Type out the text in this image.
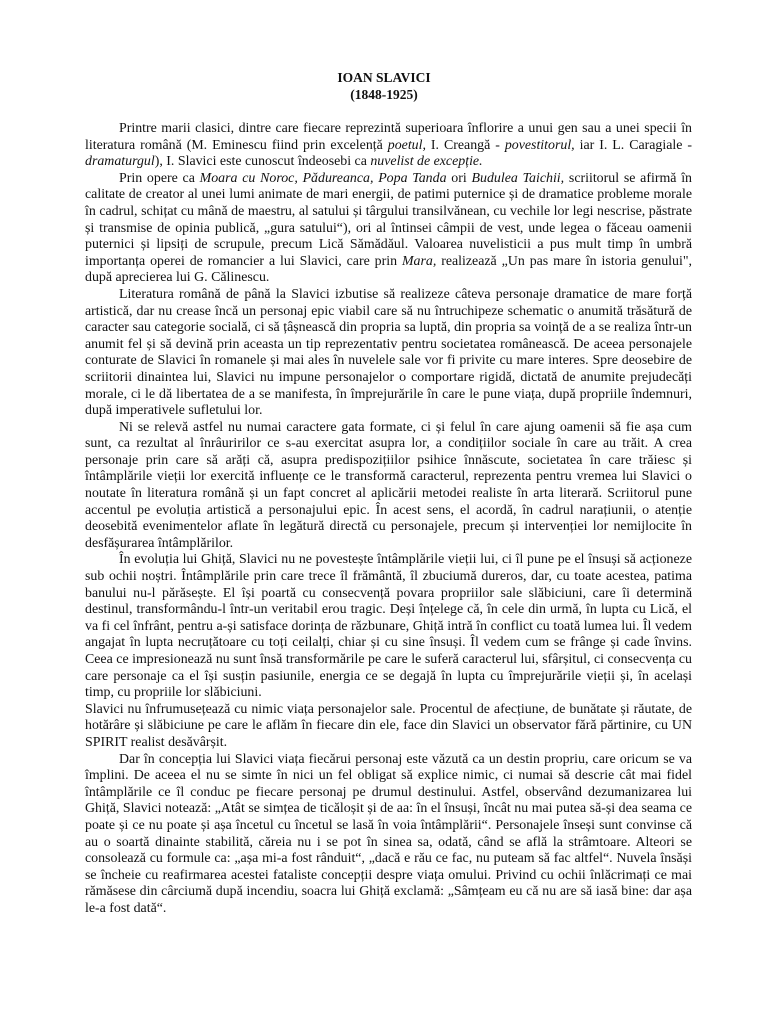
IOAN SLAVICI

(1848-1925)

Printre marii clasici, dintre care fiecare reprezintă superioara înflorire a unui gen sau a unei specii în literatura română (M. Eminescu fiind prin excelență poetul, I. Creangă - povestitorul, iar I. L. Caragiale - dramaturgul), I. Slavici este cunoscut îndeosebi ca nuvelist de excepție.

Prin opere ca Moara cu Noroc, Pădureanca, Popa Tanda ori Budulea Taichii, scriitorul se afirmă în calitate de creator al unei lumi animate de mari energii, de patimi puternice și de dramatice probleme morale în cadrul, schițat cu mână de maestru, al satului și târgului transilvănean, cu vechile lor legi nescrise, păstrate și transmise de opinia publică, „gura satului“), ori al întinsei câmpii de vest, unde legea o făceau oamenii puternici și lipsiți de scrupule, precum Lică Sămădăul. Valoarea nuvelisticii a pus mult timp în umbră importanța operei de romancier a lui Slavici, care prin Mara, realizează „Un pas mare în istoria genului", după aprecierea lui G. Călinescu.

Literatura română de până la Slavici izbutise să realizeze câteva personaje dramatice de mare forță artistică, dar nu crease încă un personaj epic viabil care să nu întruchipeze schematic o anumită trăsătură de caracter sau categorie socială, ci să țâșnească din propria sa luptă, din propria sa voință de a se realiza într-un anumit fel și să devină prin aceasta un tip reprezentativ pentru societatea românească. De aceea personajele conturate de Slavici în romanele și mai ales în nuvelele sale vor fi privite cu mare interes. Spre deosebire de scriitorii dinaintea lui, Slavici nu impune personajelor o comportare rigidă, dictată de anumite prejudecăți morale, ci le dă libertatea de a se manifesta, în împrejurările în care le pune viața, după propriile îndemnuri, după imperativele sufletului lor.

Ni se relevă astfel nu numai caractere gata formate, ci și felul în care ajung oamenii să fie așa cum sunt, ca rezultat al înrâuririlor ce s-au exercitat asupra lor, a condițiilor sociale în care au trăit. A crea personaje prin care să arăți că, asupra predispozițiilor psihice înnăscute, societatea în care trăiesc și întâmplările vieții lor exercită influențe ce le transformă caracterul, reprezenta pentru vremea lui Slavici o noutate în literatura română și un fapt concret al aplicării metodei realiste în arta literară. Scriitorul pune accentul pe evoluția artistică a personajului epic. În acest sens, el acordă, în cadrul narațiunii, o atenție deosebită evenimentelor aflate în legătură directă cu personajele, precum și intervenției lor nemijlocite în desfășurarea întâmplărilor.

În evoluția lui Ghiță, Slavici nu ne povestește întâmplările vieții lui, ci îl pune pe el însuși să acționeze sub ochii noștri. Întâmplările prin care trece îl frământă, îl zbuciumă dureros, dar, cu toate acestea, patima banului nu-l părăsește. El își poartă cu consecvență povara propriilor sale slăbiciuni, care îi determină destinul, transformându-l într-un veritabil erou tragic. Deși înțelege că, în cele din urmă, în lupta cu Lică, el va fi cel înfrânt, pentru a-și satisface dorința de răzbunare, Ghiță intră în conflict cu toată lumea lui. Îl vedem angajat în lupta necruțătoare cu toți ceilalți, chiar și cu sine însuși. Îl vedem cum se frânge și cade învins. Ceea ce impresionează nu sunt însă transformările pe care le suferă caracterul lui, sfârșitul, ci consecvența cu care personaje ca el își susțin pasiunile, energia ce se degajă în lupta cu împrejurările vieții și, în același timp, cu propriile lor slăbiciuni.

Slavici nu înfrumusețează cu nimic viața personajelor sale. Procentul de afecțiune, de bunătate și răutate, de hotărâre și slăbiciune pe care le aflăm în fiecare din ele, face din Slavici un observator fără părtinire, cu UN SPIRIT realist desăvârșit.

Dar în concepția lui Slavici viața fiecărui personaj este văzută ca un destin propriu, care oricum se va împlini. De aceea el nu se simte în nici un fel obligat să explice nimic, ci numai să descrie cât mai fidel întâmplările ce îl conduc pe fiecare personaj pe drumul destinului. Astfel, observând dezumanizarea lui Ghiță, Slavici notează: „Atât se simțea de ticăloșit și de aa: în el însuși, încât nu mai putea să-și dea seama ce poate și ce nu poate și așa încetul cu încetul se lasă în voia întâmplării“. Personajele înseși sunt convinse că au o soartă dinainte stabilită, căreia nu i se pot în sinea sa, odată, când se află la strâmtoare. Alteori se consolează cu formule ca: „așa mi-a fost rânduit“, „dacă e rău ce fac, nu puteam să fac altfel“. Nuvela însăși se încheie cu reafirmarea acestei fataliste concepții despre viața omului. Privind cu ochii înlăcrimați ce mai rămăsese din cârciumă după incendiu, soacra lui Ghiță exclamă: „Sâmțeam eu că nu are să iasă bine: dar așa le-a fost dată“.
